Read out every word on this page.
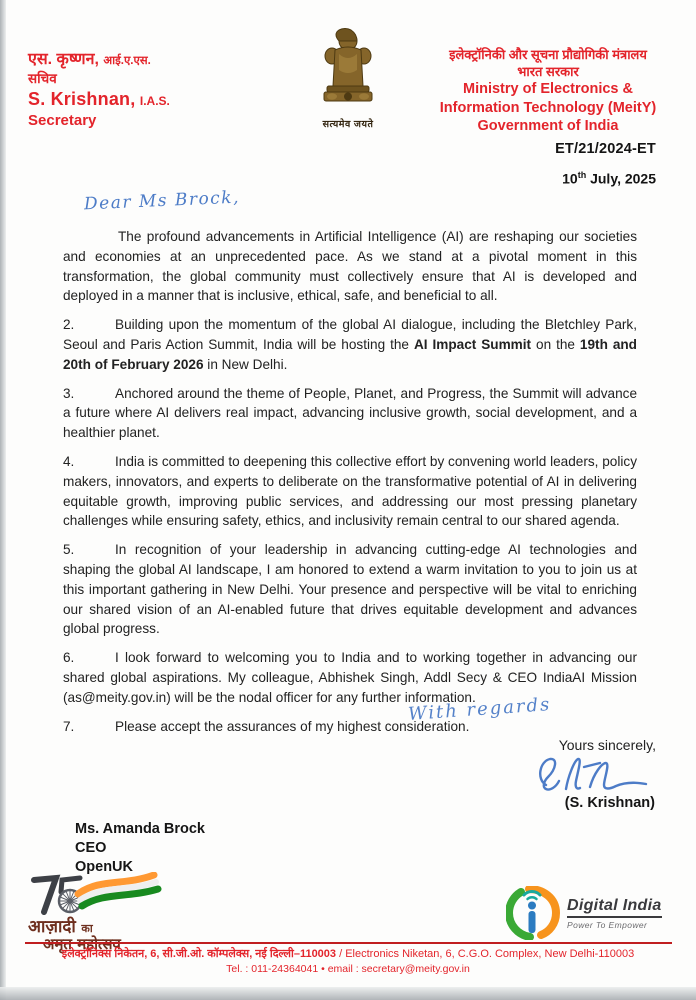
एस. कृष्णन, आई.ए.एस.
सचिव
S. Krishnan, I.A.S.
Secretary	सत्यमेव जयते
इलेक्ट्रॉनिकी और सूचना प्रौद्योगिकी मंत्रालय
भारत सरकार
Ministry of Electronics &
Information Technology (MeitY)
Government of India
ET/21/2024-ET
10th July, 2025
Dear Ms Brock,

The profound advancements in Artificial Intelligence (AI) are reshaping our societies and economies at an unprecedented pace. As we stand at a pivotal moment in this transformation, the global community must collectively ensure that AI is developed and deployed in a manner that is inclusive, ethical, safe, and beneficial to all.

2.	Building upon the momentum of the global AI dialogue, including the Bletchley Park, Seoul and Paris Action Summit, India will be hosting the AI Impact Summit on the 19th and 20th of February 2026 in New Delhi.

3.	Anchored around the theme of People, Planet, and Progress, the Summit will advance a future where AI delivers real impact, advancing inclusive growth, social development, and a healthier planet.

4.	India is committed to deepening this collective effort by convening world leaders, policy makers, innovators, and experts to deliberate on the transformative potential of AI in delivering equitable growth, improving public services, and addressing our most pressing planetary challenges while ensuring safety, ethics, and inclusivity remain central to our shared agenda.

5.	In recognition of your leadership in advancing cutting-edge AI technologies and shaping the global AI landscape, I am honored to extend a warm invitation to you to join us at this important gathering in New Delhi. Your presence and perspective will be vital to enriching our shared vision of an AI-enabled future that drives equitable development and advances global progress.

6.	I look forward to welcoming you to India and to working together in advancing our shared global aspirations. My colleague, Abhishek Singh, Addl Secy & CEO IndiaAI Mission (as@meity.gov.in) will be the nodal officer for any further information.

7.	Please accept the assurances of my highest consideration.

With regards
Yours sincerely,
(S. Krishnan)
Ms. Amanda Brock
CEO
OpenUK
आज़ादी का
Digital India
Power To Empower
इलेक्ट्रॉनिक्स निकेतन, 6, सी.जी.ओ. कॉम्पलेक्स, नई दिल्ली–110003 / Electronics Niketan, 6, C.G.O. Complex, New Delhi-110003
Tel. : 011-24364041 • email : secretary@meity.gov.in
